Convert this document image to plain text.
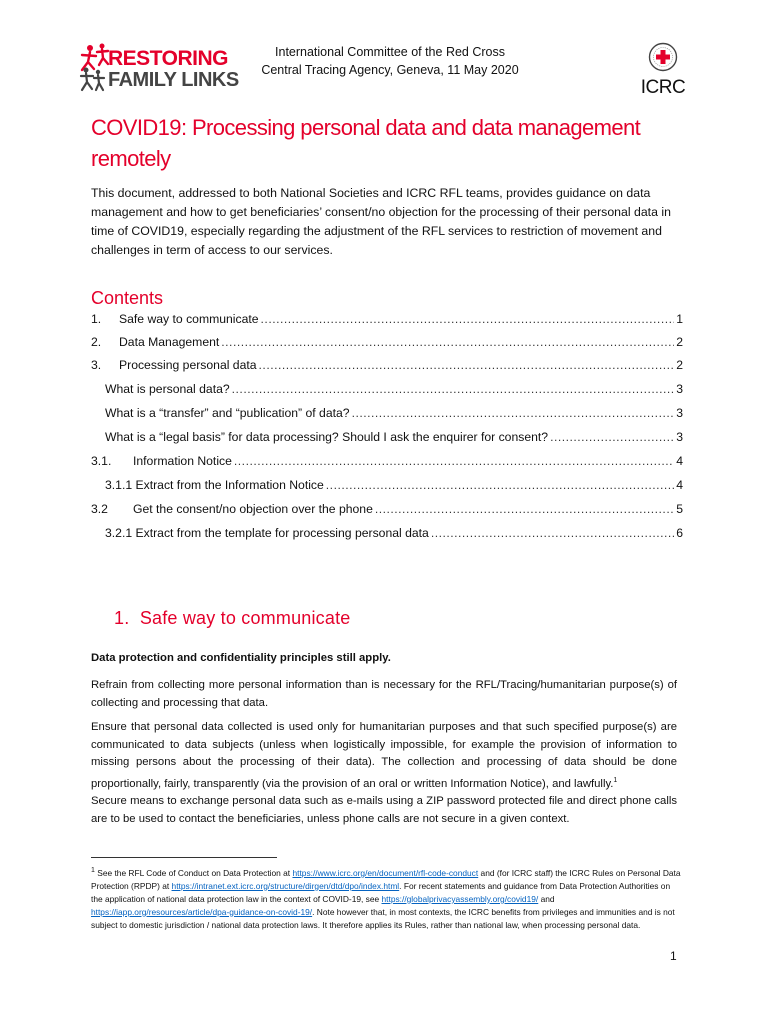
RESTORING
FAMILY LINKS
International Committee of the Red Cross
Central Tracing Agency, Geneva, 11 May 2020
ICRC
COVID19: Processing personal data and data management remotely

This document, addressed to both National Societies and ICRC RFL teams, provides guidance on data management and how to get beneficiaries’ consent/no objection for the processing of their personal data in time of COVID19, especially regarding the adjustment of the RFL services to restriction of movement and challenges in term of access to our services.

Contents
1.	Safe way to communicate .....	1
2.	Data Management .....	2
3.	Processing personal data .....	2
What is personal data? .....	3
What is a “transfer” and “publication” of data? .....	3
What is a “legal basis” for data processing? Should I ask the enquirer for consent? .....	3
3.1.	Information Notice .....	4
3.1.1 Extract from the Information Notice .....	4
3.2	Get the consent/no objection over the phone .....	5
3.2.1 Extract from the template for processing personal data .....	6
1.  Safe way to communicate
Data protection and confidentiality principles still apply.

Refrain from collecting more personal information than is necessary for the RFL/Tracing/humanitarian purpose(s) of collecting and processing that data.

Ensure that personal data collected is used only for humanitarian purposes and that such specified purpose(s) are communicated to data subjects (unless when logistically impossible, for example the provision of information to missing persons about the processing of their data). The collection and processing of data should be done proportionally, fairly, transparently (via the provision of an oral or written Information Notice), and lawfully.$^1$

Secure means to exchange personal data such as e-mails using a ZIP password protected file and direct phone calls are to be used to contact the beneficiaries, unless phone calls are not secure in a given context.

$^1$ See the RFL Code of Conduct on Data Protection at https://www.icrc.org/en/document/rfl-code-conduct and (for ICRC staff) the ICRC Rules on Personal Data Protection (RPDP) at https://intranet.ext.icrc.org/structure/dirgen/dtd/dpo/index.html. For recent statements and guidance from Data Protection Authorities on the application of national data protection law in the context of COVID-19, see https://globalprivacyassembly.org/covid19/ and https://iapp.org/resources/article/dpa-guidance-on-covid-19/. Note however that, in most contexts, the ICRC benefits from privileges and immunities and is not subject to domestic jurisdiction / national data protection laws. It therefore applies its Rules, rather than national law, when processing personal data.
1
